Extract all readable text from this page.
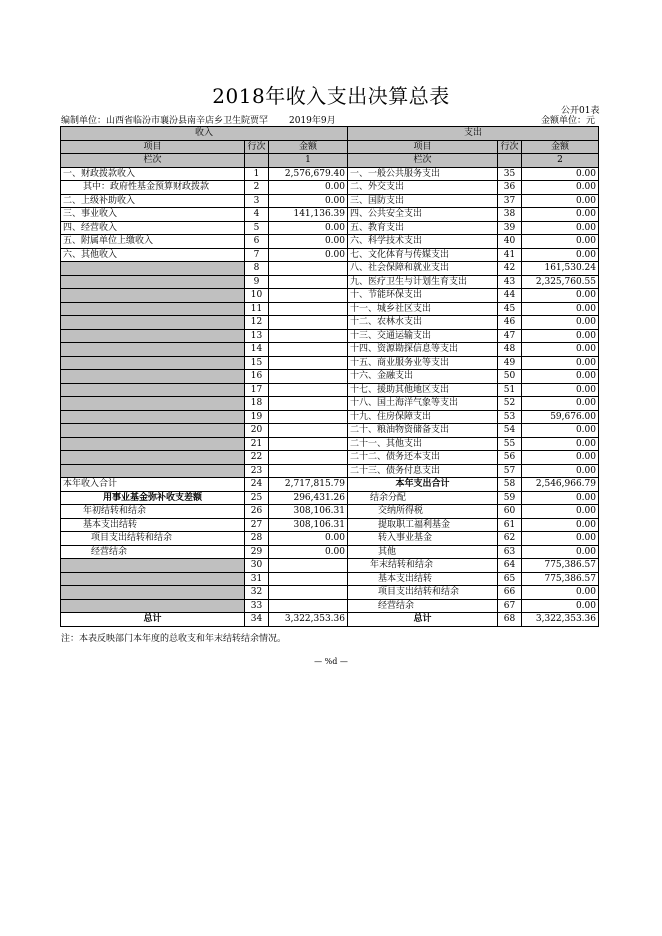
2018年收入支出决算总表
公开01表
编制单位：山西省临汾市襄汾县南辛店乡卫生院贾罕 2019年9月	金额单位：元
收入			支出		
项目	行次	金额	项目	行次	金额
栏次		1	栏次		2
一、财政拨款收入	1	2,576,679.40	一、一般公共服务支出	35	0.00
其中：政府性基金预算财政拨款	2	0.00	二、外交支出	36	0.00
二、上级补助收入	3	0.00	三、国防支出	37	0.00
三、事业收入	4	141,136.39	四、公共安全支出	38	0.00
四、经营收入	5	0.00	五、教育支出	39	0.00
五、附属单位上缴收入	6	0.00	六、科学技术支出	40	0.00
六、其他收入	7	0.00	七、文化体育与传媒支出	41	0.00
	8		八、社会保障和就业支出	42	161,530.24
	9		九、医疗卫生与计划生育支出	43	2,325,760.55
	10		十、节能环保支出	44	0.00
	11		十一、城乡社区支出	45	0.00
	12		十二、农林水支出	46	0.00
	13		十三、交通运输支出	47	0.00
	14		十四、资源勘探信息等支出	48	0.00
	15		十五、商业服务业等支出	49	0.00
	16		十六、金融支出	50	0.00
	17		十七、援助其他地区支出	51	0.00
	18		十八、国土海洋气象等支出	52	0.00
	19		十九、住房保障支出	53	59,676.00
	20		二十、粮油物资储备支出	54	0.00
	21		二十一、其他支出	55	0.00
	22		二十二、债务还本支出	56	0.00
	23		二十三、债务付息支出	57	0.00
本年收入合计	24	2,717,815.79	本年支出合计	58	2,546,966.79
用事业基金弥补收支差额	25	296,431.26	结余分配	59	0.00
年初结转和结余	26	308,106.31	交纳所得税	60	0.00
基本支出结转	27	308,106.31	提取职工福利基金	61	0.00
项目支出结转和结余	28	0.00	转入事业基金	62	0.00
经营结余	29	0.00	其他	63	0.00
	30		年末结转和结余	64	775,386.57
	31		基本支出结转	65	775,386.57
	32		项目支出结转和结余	66	0.00
	33		经营结余	67	0.00
总计	34	3,322,353.36	总计	68	3,322,353.36
注：本表反映部门本年度的总收支和年末结转结余情况。
— %d —
